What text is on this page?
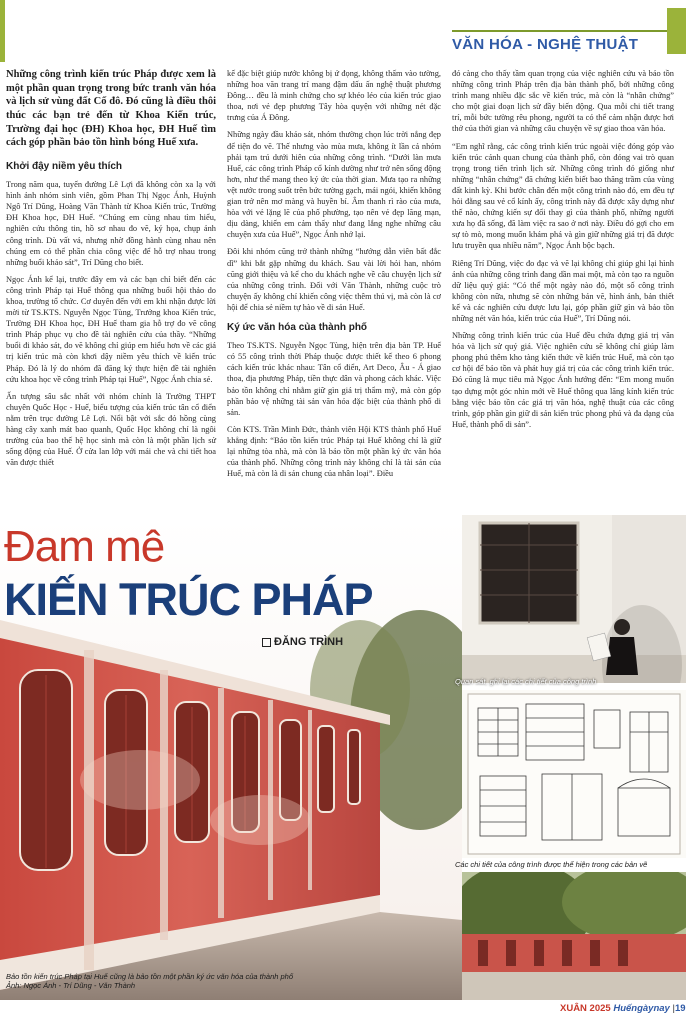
VĂN HÓA - NGHỆ THUẬT

Những công trình kiến trúc Pháp được xem là một phần quan trọng trong bức tranh văn hóa và lịch sử vùng đất Cố đô. Đó cũng là điều thôi thúc các bạn trẻ đến từ Khoa Kiến trúc, Trường đại học (ĐH) Khoa học, ĐH Huế tìm cách góp phần bảo tồn hình bóng Huế xưa.

Khởi đậy niềm yêu thích

Trong năm qua, tuyến đường Lê Lợi đã không còn xa lạ với hình ảnh nhóm sinh viên, gồm Phan Thị Ngọc Ánh, Huỳnh Ngô Trí Dũng, Hoàng Văn Thành từ Khoa Kiến trúc, Trường ĐH Khoa học, ĐH Huế. “Chúng em cùng nhau tìm hiểu, nghiên cứu thông tin, hồ sơ nhau đo vẽ, ký họa, chụp ảnh công trình. Dù vất vả, nhưng nhờ đồng hành cùng nhau nên chúng em có thể phần chia công việc để hỗ trợ nhau trong những buổi khảo sát”, Trí Dũng cho biết.

Ngọc Ánh kể lại, trước đây em và các bạn chỉ biết đến các công trình Pháp tại Huế thông qua những buổi hội thảo do khoa, trường tổ chức. Cơ duyên đến với em khi nhận được lời mời từ TS.KTS. Nguyễn Ngọc Tùng, Trưởng khoa Kiến trúc, Trường ĐH Khoa học, ĐH Huế tham gia hỗ trợ đo vẽ công trình Pháp phục vụ cho đề tài nghiên cứu của thầy. “Những buổi đi khảo sát, đo vẽ không chỉ giúp em hiểu hơn về các giá trị kiến trúc mà còn khơi dậy niềm yêu thích về kiến trúc Pháp. Đó là lý do nhóm đã đăng ký thực hiện đề tài nghiên cứu khoa học về công trình Pháp tại Huế”, Ngọc Ánh chia sẻ.

Ấn tượng sâu sắc nhất với nhóm chính là Trường THPT chuyên Quốc Học - Huế, biểu tượng của kiến trúc tân cổ điển nằm trên trục đường Lê Lợi. Nổi bật với sắc đỏ hồng cùng hàng cây xanh mát bao quanh, Quốc Học không chỉ là ngôi trường của bao thế hệ học sinh mà còn là một phần lịch sử sống động của Huế. Ở cửa lan lớp với mái che và chi tiết hoa văn được thiết

kế đặc biệt giúp nước không bị ứ đọng, không thấm vào tường, những hoa văn trang trí mang đậm dấu ấn nghệ thuật phương Đông… đều là minh chứng cho sự khéo léo của kiến trúc giao thoa, nơi vẻ đẹp phương Tây hòa quyện với những nét đặc trưng của Á Đông.

Những ngày đầu khảo sát, nhóm thường chọn lúc trời nắng đẹp để tiện đo vẽ. Thế nhưng vào mùa mưa, không ít lần cả nhóm phải tạm trú dưới hiên của những công trình. “Dưới làn mưa Huế, các công trình Pháp cổ kính dường như trở nên sống động hơn, như thể mang theo ký ức của thời gian. Mưa tạo ra những vệt nước trong suốt trên bức tường gạch, mái ngói, khiến không gian trở nên mơ màng và huyền bí. Âm thanh rì rào của mưa, hòa với vẻ lặng lẽ của phố phường, tạo nên vẻ đẹp lãng mạn, dịu dàng, khiến em cảm thấy như đang lắng nghe những câu chuyện xưa của Huế”, Ngọc Ánh nhớ lại.

Đôi khi nhóm cũng trở thành những “hướng dẫn viên bất đắc dĩ” khi bắt gặp những du khách. Sau vài lời hỏi han, nhóm cũng giới thiệu và kể cho du khách nghe về câu chuyện lịch sử của những công trình. Đối với Văn Thành, những cuộc trò chuyện ấy không chỉ khiến công việc thêm thú vị, mà còn là cơ hội để chia sẻ niềm tự hào về di sản Huế.

Ký ức văn hóa của thành phố

Theo TS.KTS. Nguyễn Ngọc Tùng, hiện trên địa bàn TP. Huế có 55 công trình thời Pháp thuộc được thiết kế theo 6 phong cách kiến trúc khác nhau: Tân cổ điển, Art Deco, Âu - Á giao thoa, địa phương Pháp, tiền thực dân và phong cách khác. Việc bảo tồn không chỉ nhằm giữ gìn giá trị thẩm mỹ, mà còn góp phần bảo vệ những tài sản văn hóa đặc biệt của thành phố di sản.

Còn KTS. Trần Minh Đức, thành viên Hội KTS thành phố Huế khẳng định: “Bảo tồn kiến trúc Pháp tại Huế không chỉ là giữ lại những tòa nhà, mà còn là bảo tồn một phần ký ức văn hóa của thành phố. Những công trình này không chỉ là tài sản của Huế, mà còn là di sản chung của nhân loại”. Điều

đó càng cho thấy tầm quan trọng của việc nghiên cứu và bảo tồn những công trình Pháp trên địa bàn thành phố, bởi những công trình mang nhiều đặc sắc về kiến trúc, mà còn là “nhân chứng” cho một giai đoạn lịch sử đầy biến động. Qua mỗi chi tiết trang trí, mỗi bức tường rêu phong, người ta có thể cảm nhận được hơi thở của thời gian và những câu chuyện về sự giao thoa văn hóa.

“Em nghĩ rằng, các công trình kiến trúc ngoài việc đóng góp vào kiến trúc cảnh quan chung của thành phố, còn đóng vai trò quan trọng trong tiến trình lịch sử. Những công trình đó giống như những “nhân chứng” đã chứng kiến biết bao thăng trầm của vùng đất kinh kỳ. Khi bước chân đến một công trình nào đó, em đều tự hỏi đằng sau vẻ cổ kính ấy, công trình này đã được xây dựng như thế nào, chứng kiến sự đổi thay gì của thành phố, những người xưa họ đã sống, đã làm việc ra sao ở nơi này. Điều đó gợi cho em sự tò mò, mong muốn khám phá và gìn giữ những giá trị đã được lưu truyền qua nhiều năm”, Ngọc Ánh bộc bạch.

Riêng Trí Dũng, việc đo đạc và vẽ lại không chỉ giúp ghi lại hình ảnh của những công trình đang dần mai một, mà còn tạo ra nguồn dữ liệu quý giá: “Có thể một ngày nào đó, một số công trình không còn nữa, nhưng sẽ còn những bản vẽ, hình ảnh, bản thiết kế và các nghiên cứu được lưu lại, góp phần giữ gìn và bảo tồn những nét văn hóa, kiến trúc của Huế”, Trí Dũng nói.

Những công trình kiến trúc của Huế đều chứa đựng giá trị văn hóa và lịch sử quý giá. Việc nghiên cứu sẽ không chỉ giúp làm phong phú thêm kho tàng kiến thức về kiến trúc Huế, mà còn tạo cơ hội để bảo tồn và phát huy giá trị của các công trình kiến trúc. Đó cũng là mục tiêu mà Ngọc Ánh hướng đến: “Em mong muốn tạo dựng một góc nhìn mới về Huế thông qua lăng kính kiến trúc bằng việc bảo tồn các giá trị văn hóa, nghệ thuật của các công trình, góp phần gìn giữ di sản kiến trúc phong phú và đa dạng của Huế, thành phố di sản”.

Đam mê
KIẾN TRÚC PHÁP
ĐĂNG TRÌNH
Bảo tồn kiến trúc Pháp tại Huế cũng là bảo tồn một phần ký ức văn hóa của thành phố
Ảnh: Ngọc Ánh - Trí Dũng - Văn Thành
Quan sát, ghi lại các chi tiết của công trình
Các chi tiết của công trình được thể hiện trong các bản vẽ
XUÂN 2025 Huếngàynay |19
